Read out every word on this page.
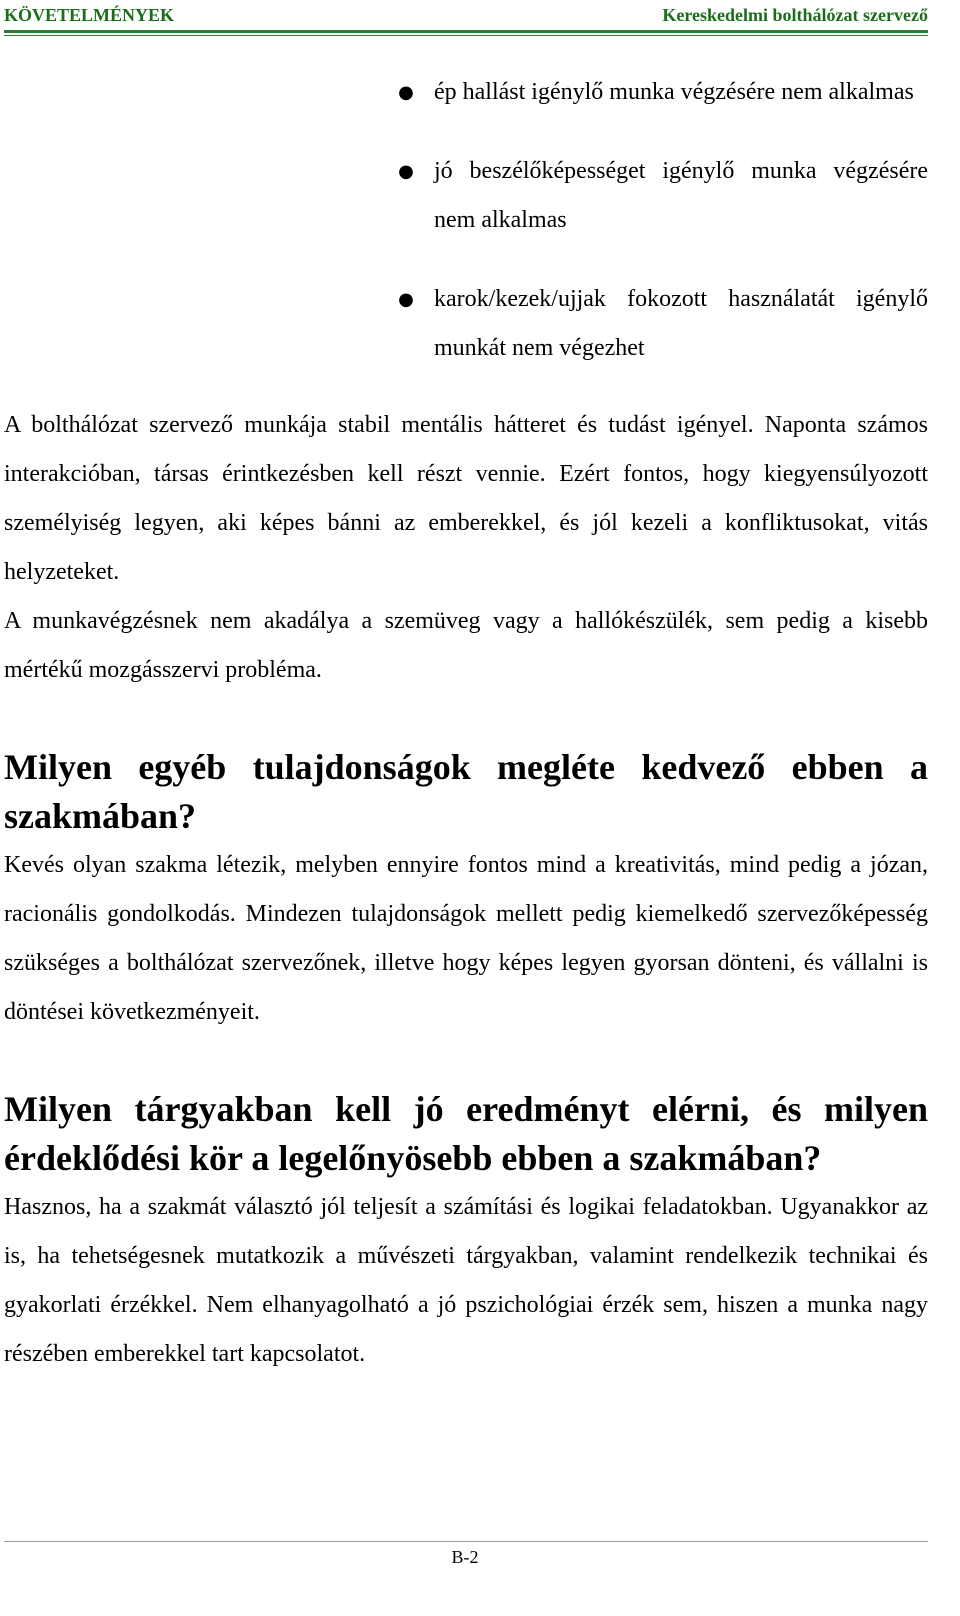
KÖVETELMÉNYEK	Kereskedelmi bolthálózat szervező
● ép hallást igénylő munka végzésére nem alkalmas
● jó beszélőképességet igénylő munka végzésére nem alkalmas
● karok/kezek/ujjak fokozott használatát igénylő munkát nem végezhet

A bolthálózat szervező munkája stabil mentális hátteret és tudást igényel. Naponta számos interakcióban, társas érintkezésben kell részt vennie. Ezért fontos, hogy kiegyensúlyozott személyiség legyen, aki képes bánni az emberekkel, és jól kezeli a konfliktusokat, vitás helyzeteket.

A munkavégzésnek nem akadálya a szemüveg vagy a hallókészülék, sem pedig a kisebb mértékű mozgásszervi probléma.

Milyen egyéb tulajdonságok megléte kedvező ebben a szakmában?

Kevés olyan szakma létezik, melyben ennyire fontos mind a kreativitás, mind pedig a józan, racionális gondolkodás. Mindezen tulajdonságok mellett pedig kiemelkedő szervezőképesség szükséges a bolthálózat szervezőnek, illetve hogy képes legyen gyorsan dönteni, és vállalni is döntései következményeit.

Milyen tárgyakban kell jó eredményt elérni, és milyen érdeklődési kör a legelőnyösebb ebben a szakmában?

Hasznos, ha a szakmát választó jól teljesít a számítási és logikai feladatokban. Ugyanakkor az is, ha tehetségesnek mutatkozik a művészeti tárgyakban, valamint rendelkezik technikai és gyakorlati érzékkel. Nem elhanyagolható a jó pszichológiai érzék sem, hiszen a munka nagy részében emberekkel tart kapcsolatot.

B-2
